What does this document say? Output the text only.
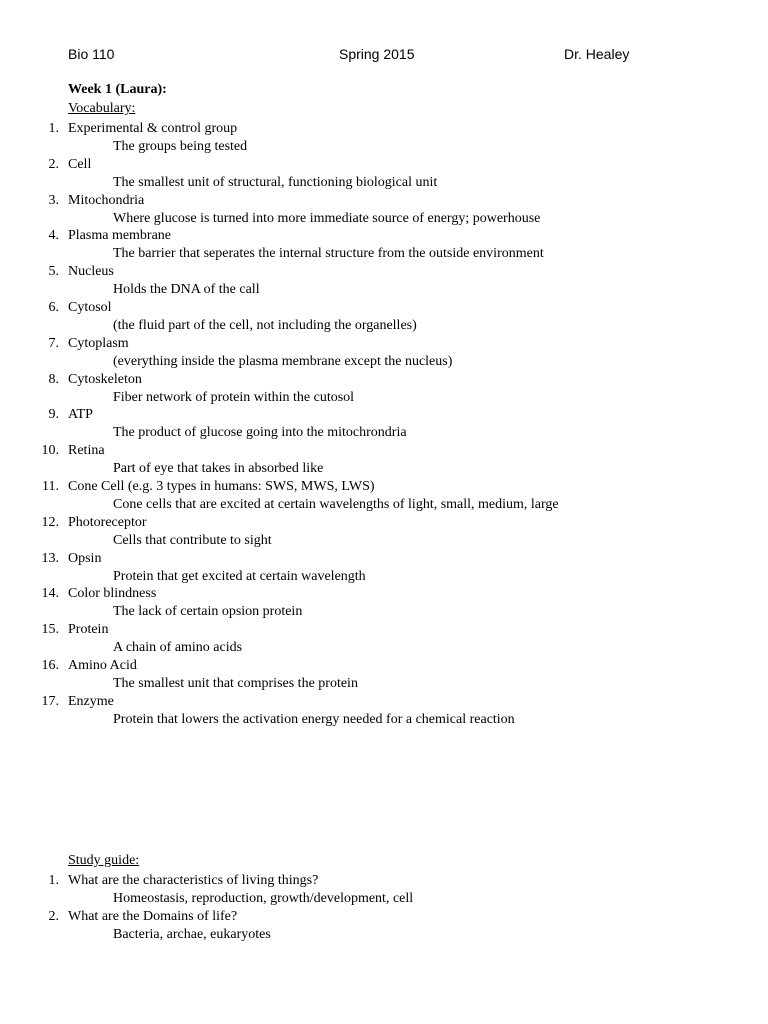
Bio 110	Spring 2015	Dr. Healey
Week 1 (Laura):
Vocabulary:
1. Experimental & control group
The groups being tested
2. Cell
The smallest unit of structural, functioning biological unit
3. Mitochondria
Where glucose is turned into more immediate source of energy; powerhouse
4. Plasma membrane
The barrier that seperates the internal structure from the outside environment
5. Nucleus
Holds the DNA of the call
6. Cytosol
(the fluid part of the cell, not including the organelles)
7. Cytoplasm
(everything inside the plasma membrane except the nucleus)
8. Cytoskeleton
Fiber network of protein within the cutosol
9. ATP
The product of glucose going into the mitochrondria
10. Retina
Part of eye that takes in absorbed like
11. Cone Cell (e.g. 3 types in humans: SWS, MWS, LWS)
Cone cells that are excited at certain wavelengths of light, small, medium, large
12. Photoreceptor
Cells that contribute to sight
13. Opsin
Protein that get excited at certain wavelength
14. Color blindness
The lack of certain opsion protein
15. Protein
A chain of amino acids
16. Amino Acid
The smallest unit that comprises the protein
17. Enzyme
Protein that lowers the activation energy needed for a chemical reaction
Study guide:
1. What are the characteristics of living things?
Homeostasis, reproduction, growth/development, cell
2. What are the Domains of life?
Bacteria, archae, eukaryotes
